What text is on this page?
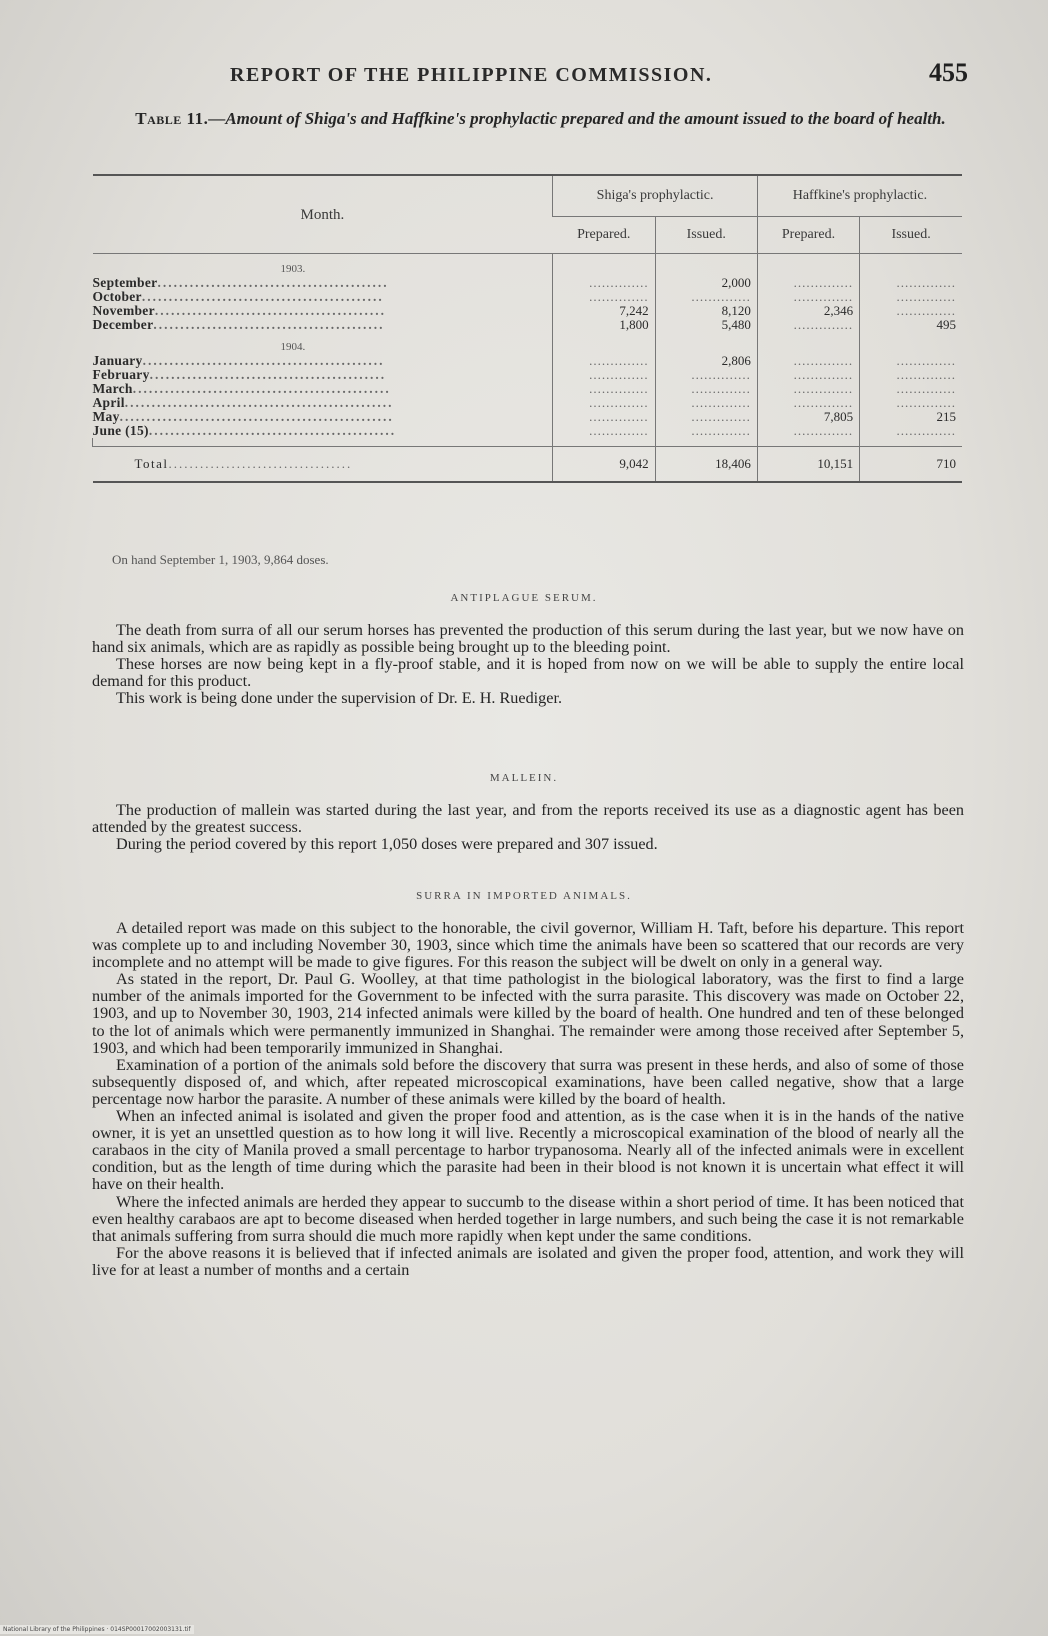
REPORT OF THE PHILIPPINE COMMISSION.	455
Table 11.—Amount of Shiga's and Haffkine's prophylactic prepared and the amount issued to the board of health.
Month.	Shiga's prophylactic.		Haffkine's prophylactic.	
	Prepared.	Issued.	Prepared.	Issued.
1903.				
September...........................................	..............	2,000	..............	..............
October.............................................	..............	..............	..............	..............
November...........................................	7,242	8,120	2,346	..............
December...........................................	1,800	5,480	..............	495
1904.				
January.............................................	..............	2,806	..............	..............
February............................................	..............	..............	..............	..............
March................................................	..............	..............	..............	..............
April..................................................	..............	..............	..............	..............
May...................................................	..............	..............	7,805	215
June (15)..............................................	..............	..............	..............	..............

Total...................................	9,042	18,406	10,151	710
On hand September 1, 1903, 9,864 doses.
ANTIPLAGUE SERUM.

The death from surra of all our serum horses has prevented the production of this serum during the last year, but we now have on hand six animals, which are as rapidly as possible being brought up to the bleeding point.

These horses are now being kept in a fly-proof stable, and it is hoped from now on we will be able to supply the entire local demand for this product.

This work is being done under the supervision of Dr. E. H. Ruediger.

MALLEIN.

The production of mallein was started during the last year, and from the reports received its use as a diagnostic agent has been attended by the greatest success.

During the period covered by this report 1,050 doses were prepared and 307 issued.

SURRA IN IMPORTED ANIMALS.

A detailed report was made on this subject to the honorable, the civil governor, William H. Taft, before his departure. This report was complete up to and including November 30, 1903, since which time the animals have been so scattered that our records are very incomplete and no attempt will be made to give figures. For this reason the subject will be dwelt on only in a general way.

As stated in the report, Dr. Paul G. Woolley, at that time pathologist in the biological laboratory, was the first to find a large number of the animals imported for the Government to be infected with the surra parasite. This discovery was made on October 22, 1903, and up to November 30, 1903, 214 infected animals were killed by the board of health. One hundred and ten of these belonged to the lot of animals which were permanently immunized in Shanghai. The remainder were among those received after September 5, 1903, and which had been temporarily immunized in Shanghai.

Examination of a portion of the animals sold before the discovery that surra was present in these herds, and also of some of those subsequently disposed of, and which, after repeated microscopical examinations, have been called negative, show that a large percentage now harbor the parasite. A number of these animals were killed by the board of health.

When an infected animal is isolated and given the proper food and attention, as is the case when it is in the hands of the native owner, it is yet an unsettled question as to how long it will live. Recently a microscopical examination of the blood of nearly all the carabaos in the city of Manila proved a small percentage to harbor trypanosoma. Nearly all of the infected animals were in excellent condition, but as the length of time during which the parasite had been in their blood is not known it is uncertain what effect it will have on their health.

Where the infected animals are herded they appear to succumb to the disease within a short period of time. It has been noticed that even healthy carabaos are apt to become diseased when herded together in large numbers, and such being the case it is not remarkable that animals suffering from surra should die much more rapidly when kept under the same conditions.

For the above reasons it is believed that if infected animals are isolated and given the proper food, attention, and work they will live for at least a number of months and a certain

National Library of the Philippines · 014SP00017002003131.tif
